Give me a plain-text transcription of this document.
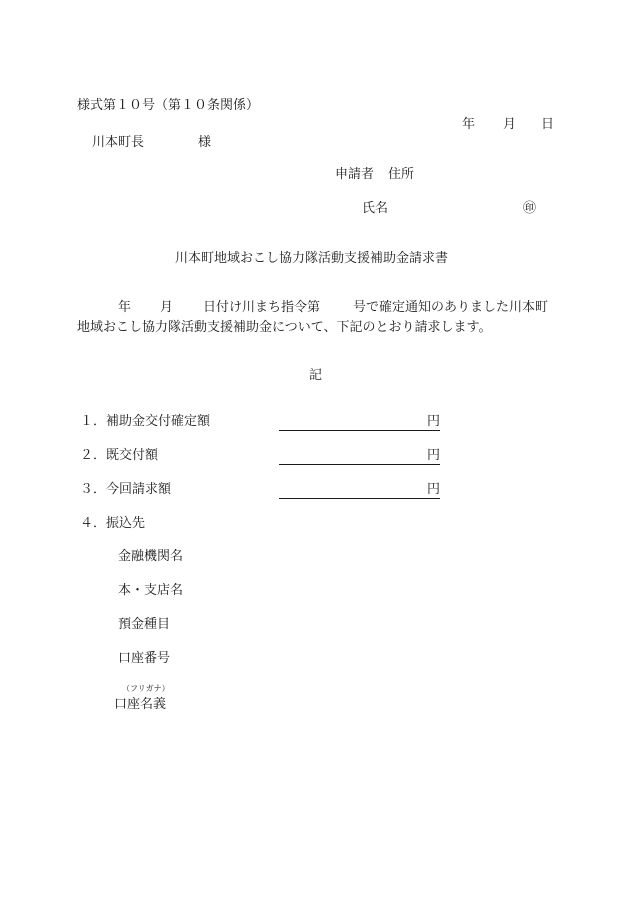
様式第１０号（第１０条関係）
年 月 日
川本町長	様
申請者 住所
氏名	㊞
川本町地域おこし協力隊活動支援補助金請求書
年 月 日付け川まち指令第	号で確定通知のありました川本町
地域おこし協力隊活動支援補助金について、下記のとおり請求します。
記
１．補助金交付確定額	円
２．既交付額	円
３．今回請求額	円
４．振込先
金融機関名
本・支店名
預金種目
口座番号
（フリガナ）
口座名義
